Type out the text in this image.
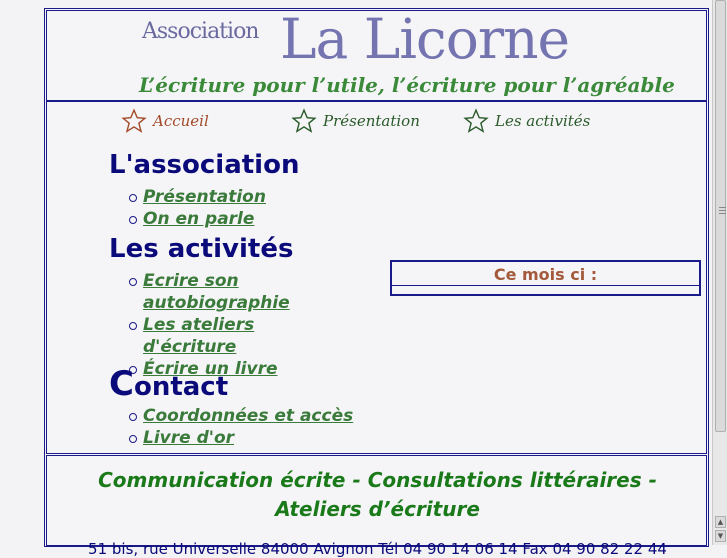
Association La Licorne
L’écriture pour l’utile, l’écriture pour l’agréable
Accueil	Présentation	Les activités
L'association
Présentation
On en parle
Les activités
Ecrire son autobiographie
Les ateliers d'écriture
Écrire un livre
Contact
Coordonnées et accès
Livre d'or
Ce mois ci :
Communication écrite - Consultations littéraires -
Ateliers d’écriture
51 bis, rue Universelle 84000 Avignon Tél 04 90 14 06 14 Fax 04 90 82 22 44
▲
▼
